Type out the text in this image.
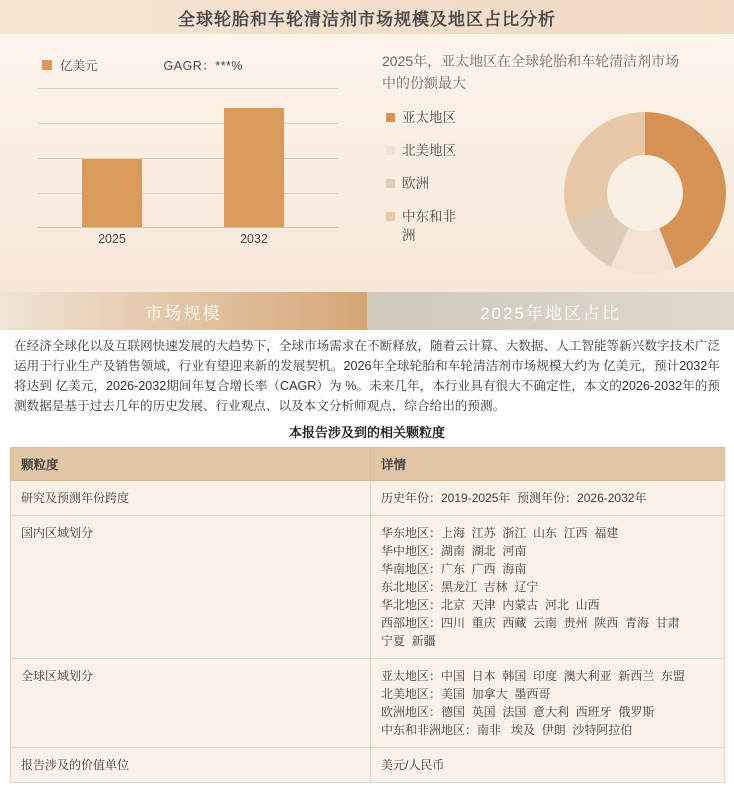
全球轮胎和车轮清洁剂市场规模及地区占比分析
亿美元	GAGR：***%
2025	2032
2025年，亚太地区在全球轮胎和车轮清洁剂市场中的份额最大
亚太地区
北美地区
欧洲
中东和非洲
市场规模	2025年地区占比
在经济全球化以及互联网快速发展的大趋势下，全球市场需求在不断释放，随着云计算、大数据、人工智能等新兴数字技术广泛运用于行业生产及销售领域，行业有望迎来新的发展契机。2026年全球轮胎和车轮清洁剂市场规模大约为 亿美元，预计2032年将达到 亿美元，2026-2032期间年复合增长率（CAGR）为 %。未来几年，本行业具有很大不确定性，本文的2026-2032年的预测数据是基于过去几年的历史发展、行业观点、以及本文分析师观点，综合给出的预测。
本报告涉及到的相关颗粒度
颗粒度	详情
研究及预测年份跨度	历史年份：2019-2025年  预测年份：2026-2032年

国内区域划分	华东地区：上海  江苏  浙江  山东  江西  福建
华中地区：湖南  湖北  河南
华南地区：广东  广西  海南
东北地区：黑龙江  吉林  辽宁
华北地区：北京  天津  内蒙古  河北  山西
西部地区：四川  重庆  西藏  云南  贵州  陕西  青海  甘肃
宁夏  新疆

全球区域划分	亚太地区：中国  日本  韩国  印度  澳大利亚  新西兰  东盟
北美地区：美国  加拿大  墨西哥
欧洲地区：德国  英国  法国  意大利  西班牙  俄罗斯
中东和非洲地区：南非   埃及  伊朗  沙特阿拉伯

报告涉及的价值单位	美元/人民币
